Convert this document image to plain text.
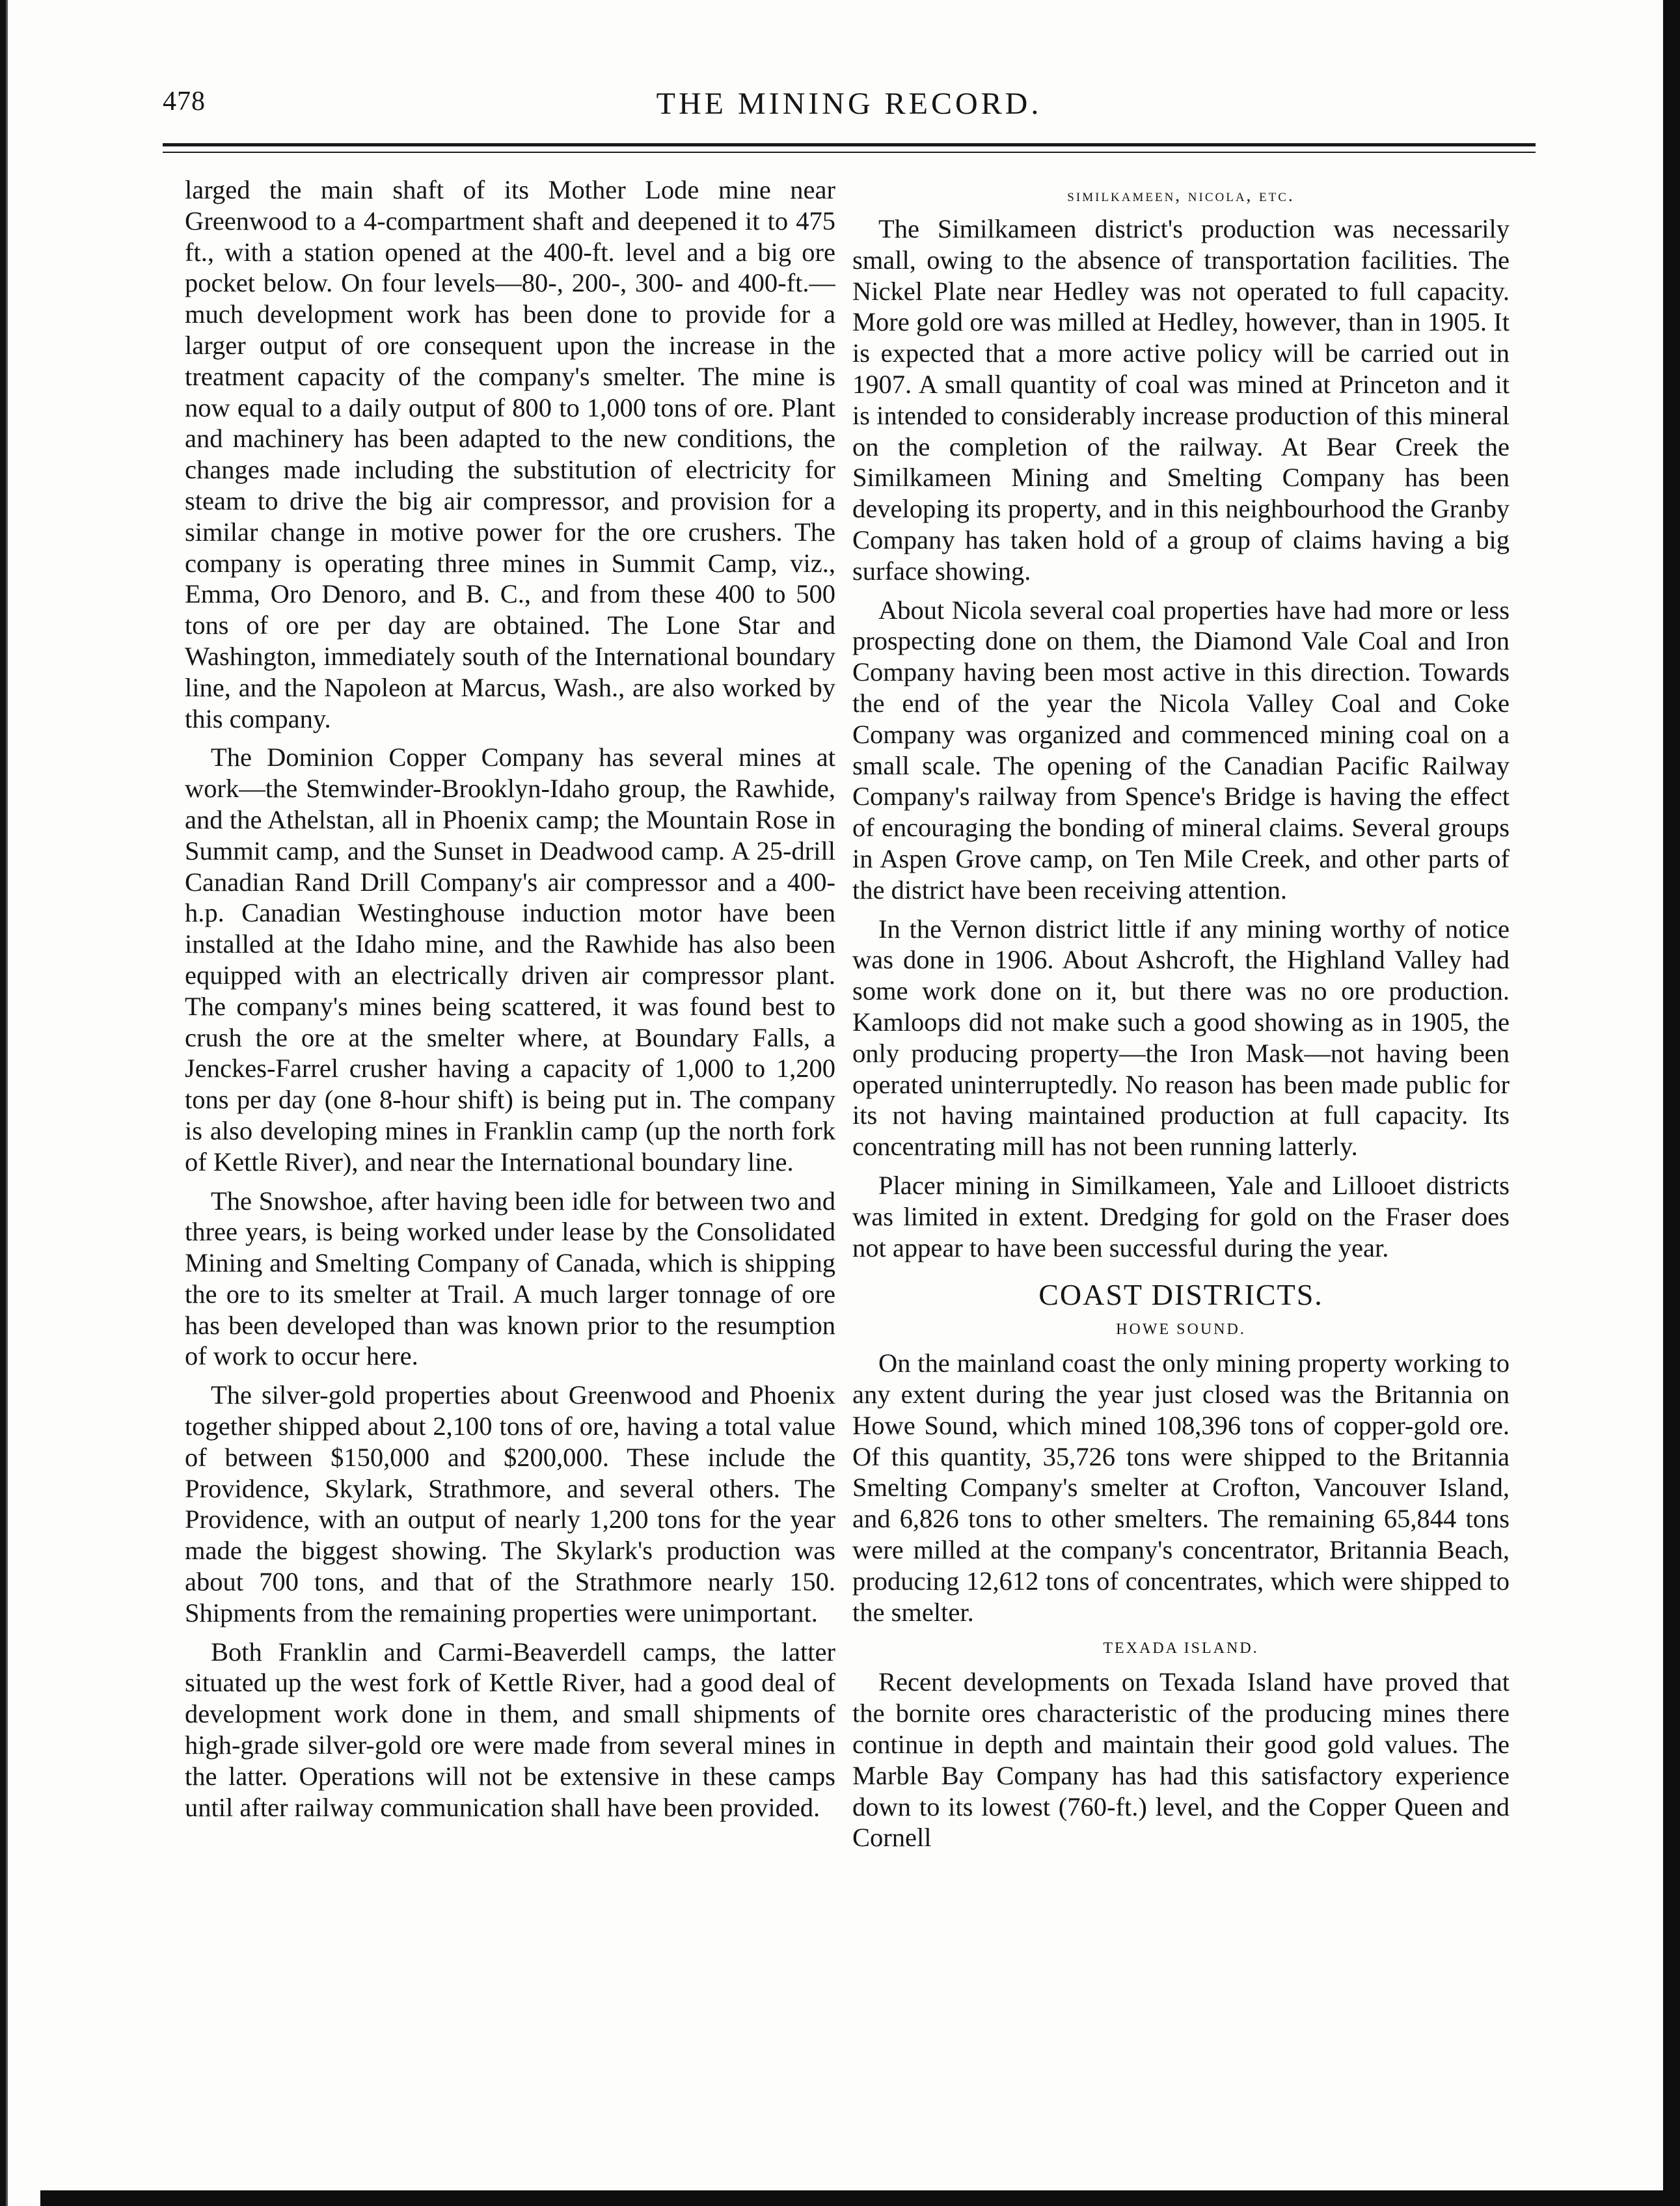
478	THE MINING RECORD.

larged the main shaft of its Mother Lode mine near Greenwood to a 4-compartment shaft and deepened it to 475 ft., with a station opened at the 400-ft. level and a big ore pocket below. On four levels—80-, 200-, 300- and 400-ft.—much development work has been done to provide for a larger output of ore consequent upon the increase in the treatment capacity of the company's smelter. The mine is now equal to a daily output of 800 to 1,000 tons of ore. Plant and machinery has been adapted to the new conditions, the changes made including the substitution of electricity for steam to drive the big air compressor, and provision for a similar change in motive power for the ore crushers. The company is operating three mines in Summit Camp, viz., Emma, Oro Denoro, and B. C., and from these 400 to 500 tons of ore per day are obtained. The Lone Star and Washington, immediately south of the International boundary line, and the Napoleon at Marcus, Wash., are also worked by this company.

The Dominion Copper Company has several mines at work—the Stemwinder-Brooklyn-Idaho group, the Rawhide, and the Athelstan, all in Phoenix camp; the Mountain Rose in Summit camp, and the Sunset in Deadwood camp. A 25-drill Canadian Rand Drill Company's air compressor and a 400-h.p. Canadian Westinghouse induction motor have been installed at the Idaho mine, and the Rawhide has also been equipped with an electrically driven air compressor plant. The company's mines being scattered, it was found best to crush the ore at the smelter where, at Boundary Falls, a Jenckes-Farrel crusher having a capacity of 1,000 to 1,200 tons per day (one 8-hour shift) is being put in. The company is also developing mines in Franklin camp (up the north fork of Kettle River), and near the International boundary line.

The Snowshoe, after having been idle for between two and three years, is being worked under lease by the Consolidated Mining and Smelting Company of Canada, which is shipping the ore to its smelter at Trail. A much larger tonnage of ore has been developed than was known prior to the resumption of work to occur here.

The silver-gold properties about Greenwood and Phoenix together shipped about 2,100 tons of ore, having a total value of between $150,000 and $200,000. These include the Providence, Skylark, Strathmore, and several others. The Providence, with an output of nearly 1,200 tons for the year made the biggest showing. The Skylark's production was about 700 tons, and that of the Strathmore nearly 150. Shipments from the remaining properties were unimportant.

Both Franklin and Carmi-Beaverdell camps, the latter situated up the west fork of Kettle River, had a good deal of development work done in them, and small shipments of high-grade silver-gold ore were made from several mines in the latter. Operations will not be extensive in these camps until after railway communication shall have been provided.

similkameen, nicola, etc.

The Similkameen district's production was necessarily small, owing to the absence of transportation facilities. The Nickel Plate near Hedley was not operated to full capacity. More gold ore was milled at Hedley, however, than in 1905. It is expected that a more active policy will be carried out in 1907. A small quantity of coal was mined at Princeton and it is intended to considerably increase production of this mineral on the completion of the railway. At Bear Creek the Similkameen Mining and Smelting Company has been developing its property, and in this neighbourhood the Granby Company has taken hold of a group of claims having a big surface showing.

About Nicola several coal properties have had more or less prospecting done on them, the Diamond Vale Coal and Iron Company having been most active in this direction. Towards the end of the year the Nicola Valley Coal and Coke Company was organized and commenced mining coal on a small scale. The opening of the Canadian Pacific Railway Company's railway from Spence's Bridge is having the effect of encouraging the bonding of mineral claims. Several groups in Aspen Grove camp, on Ten Mile Creek, and other parts of the district have been receiving attention.

In the Vernon district little if any mining worthy of notice was done in 1906. About Ashcroft, the Highland Valley had some work done on it, but there was no ore production. Kamloops did not make such a good showing as in 1905, the only producing property—the Iron Mask—not having been operated uninterruptedly. No reason has been made public for its not having maintained production at full capacity. Its concentrating mill has not been running latterly.

Placer mining in Similkameen, Yale and Lillooet districts was limited in extent. Dredging for gold on the Fraser does not appear to have been successful during the year.

COAST DISTRICTS.
HOWE SOUND.

On the mainland coast the only mining property working to any extent during the year just closed was the Britannia on Howe Sound, which mined 108,396 tons of copper-gold ore. Of this quantity, 35,726 tons were shipped to the Britannia Smelting Company's smelter at Crofton, Vancouver Island, and 6,826 tons to other smelters. The remaining 65,844 tons were milled at the company's concentrator, Britannia Beach, producing 12,612 tons of concentrates, which were shipped to the smelter.

TEXADA ISLAND.

Recent developments on Texada Island have proved that the bornite ores characteristic of the producing mines there continue in depth and maintain their good gold values. The Marble Bay Company has had this satisfactory experience down to its lowest (760-ft.) level, and the Copper Queen and Cornell
